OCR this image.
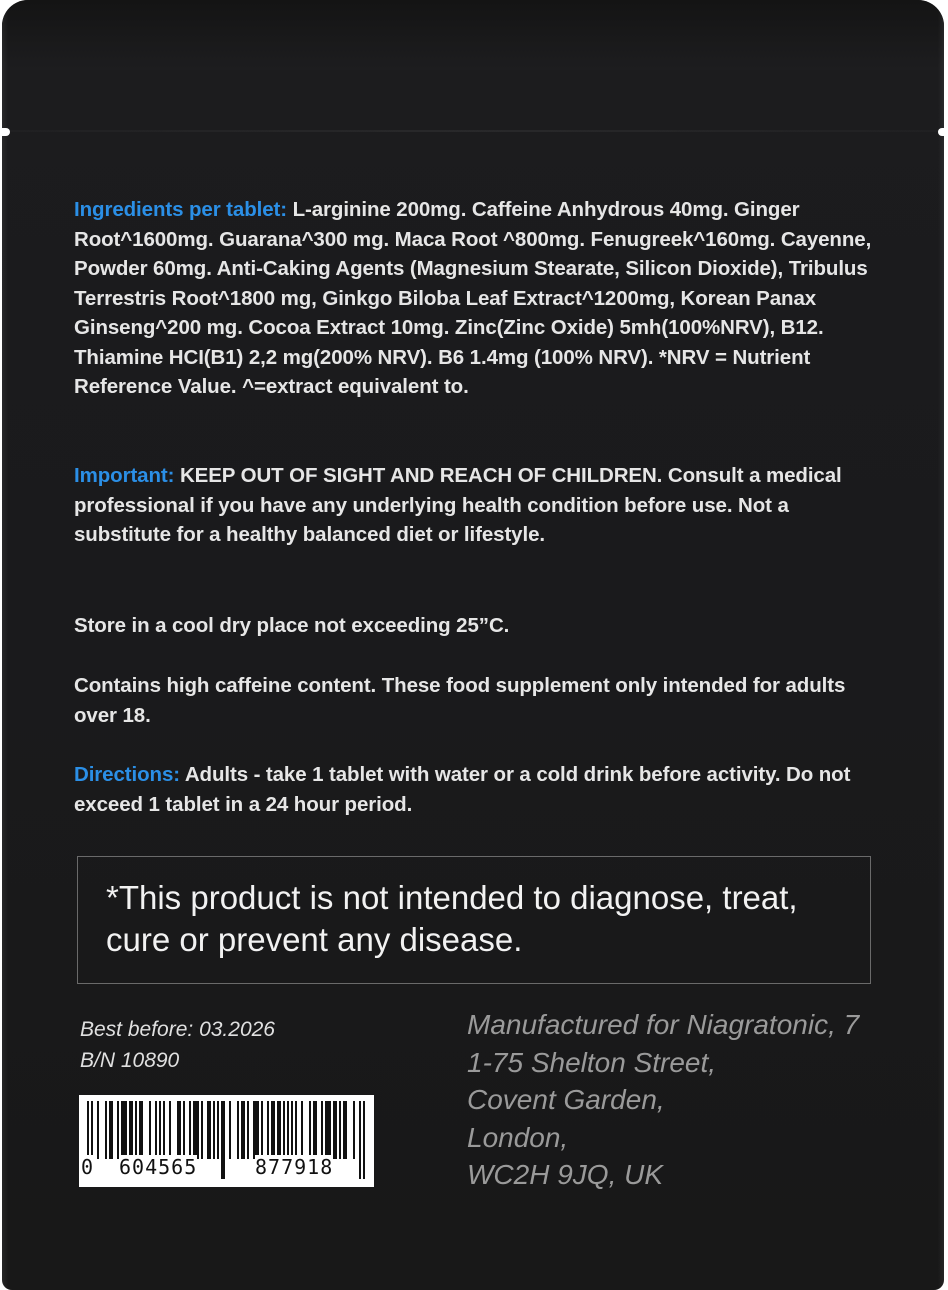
Ingredients per tablet: L-arginine 200mg. Caffeine Anhydrous 40mg. Ginger Root^1600mg. Guarana^300 mg. Maca Root ^800mg. Fenugreek^160mg. Cayenne, Powder 60mg. Anti-Caking Agents (Magnesium Stearate, Silicon Dioxide), Tribulus Terrestris Root^1800 mg, Ginkgo Biloba Leaf Extract^1200mg, Korean Panax Ginseng^200 mg. Cocoa Extract 10mg. Zinc(Zinc Oxide) 5mh(100%NRV), B12. Thiamine HCI(B1) 2,2 mg(200% NRV). B6 1.4mg (100% NRV). *NRV = Nutrient Reference Value. ^=extract equivalent to.

Important: KEEP OUT OF SIGHT AND REACH OF CHILDREN. Consult a medical professional if you have any underlying health condition before use. Not a substitute for a healthy balanced diet or lifestyle.

Store in a cool dry place not exceeding 25”C.

Contains high caffeine content. These food supplement only intended for adults over 18.

Directions: Adults - take 1 tablet with water or a cold drink before activity. Do not exceed 1 tablet in a 24 hour period.

*This product is not intended to diagnose, treat, cure or prevent any disease.
Best before: 03.2026
B/N 10890
Manufactured for Niagratonic, 7
1-75 Shelton Street,
Covent Garden,
London,
WC2H 9JQ, UK
0 604565	877918
